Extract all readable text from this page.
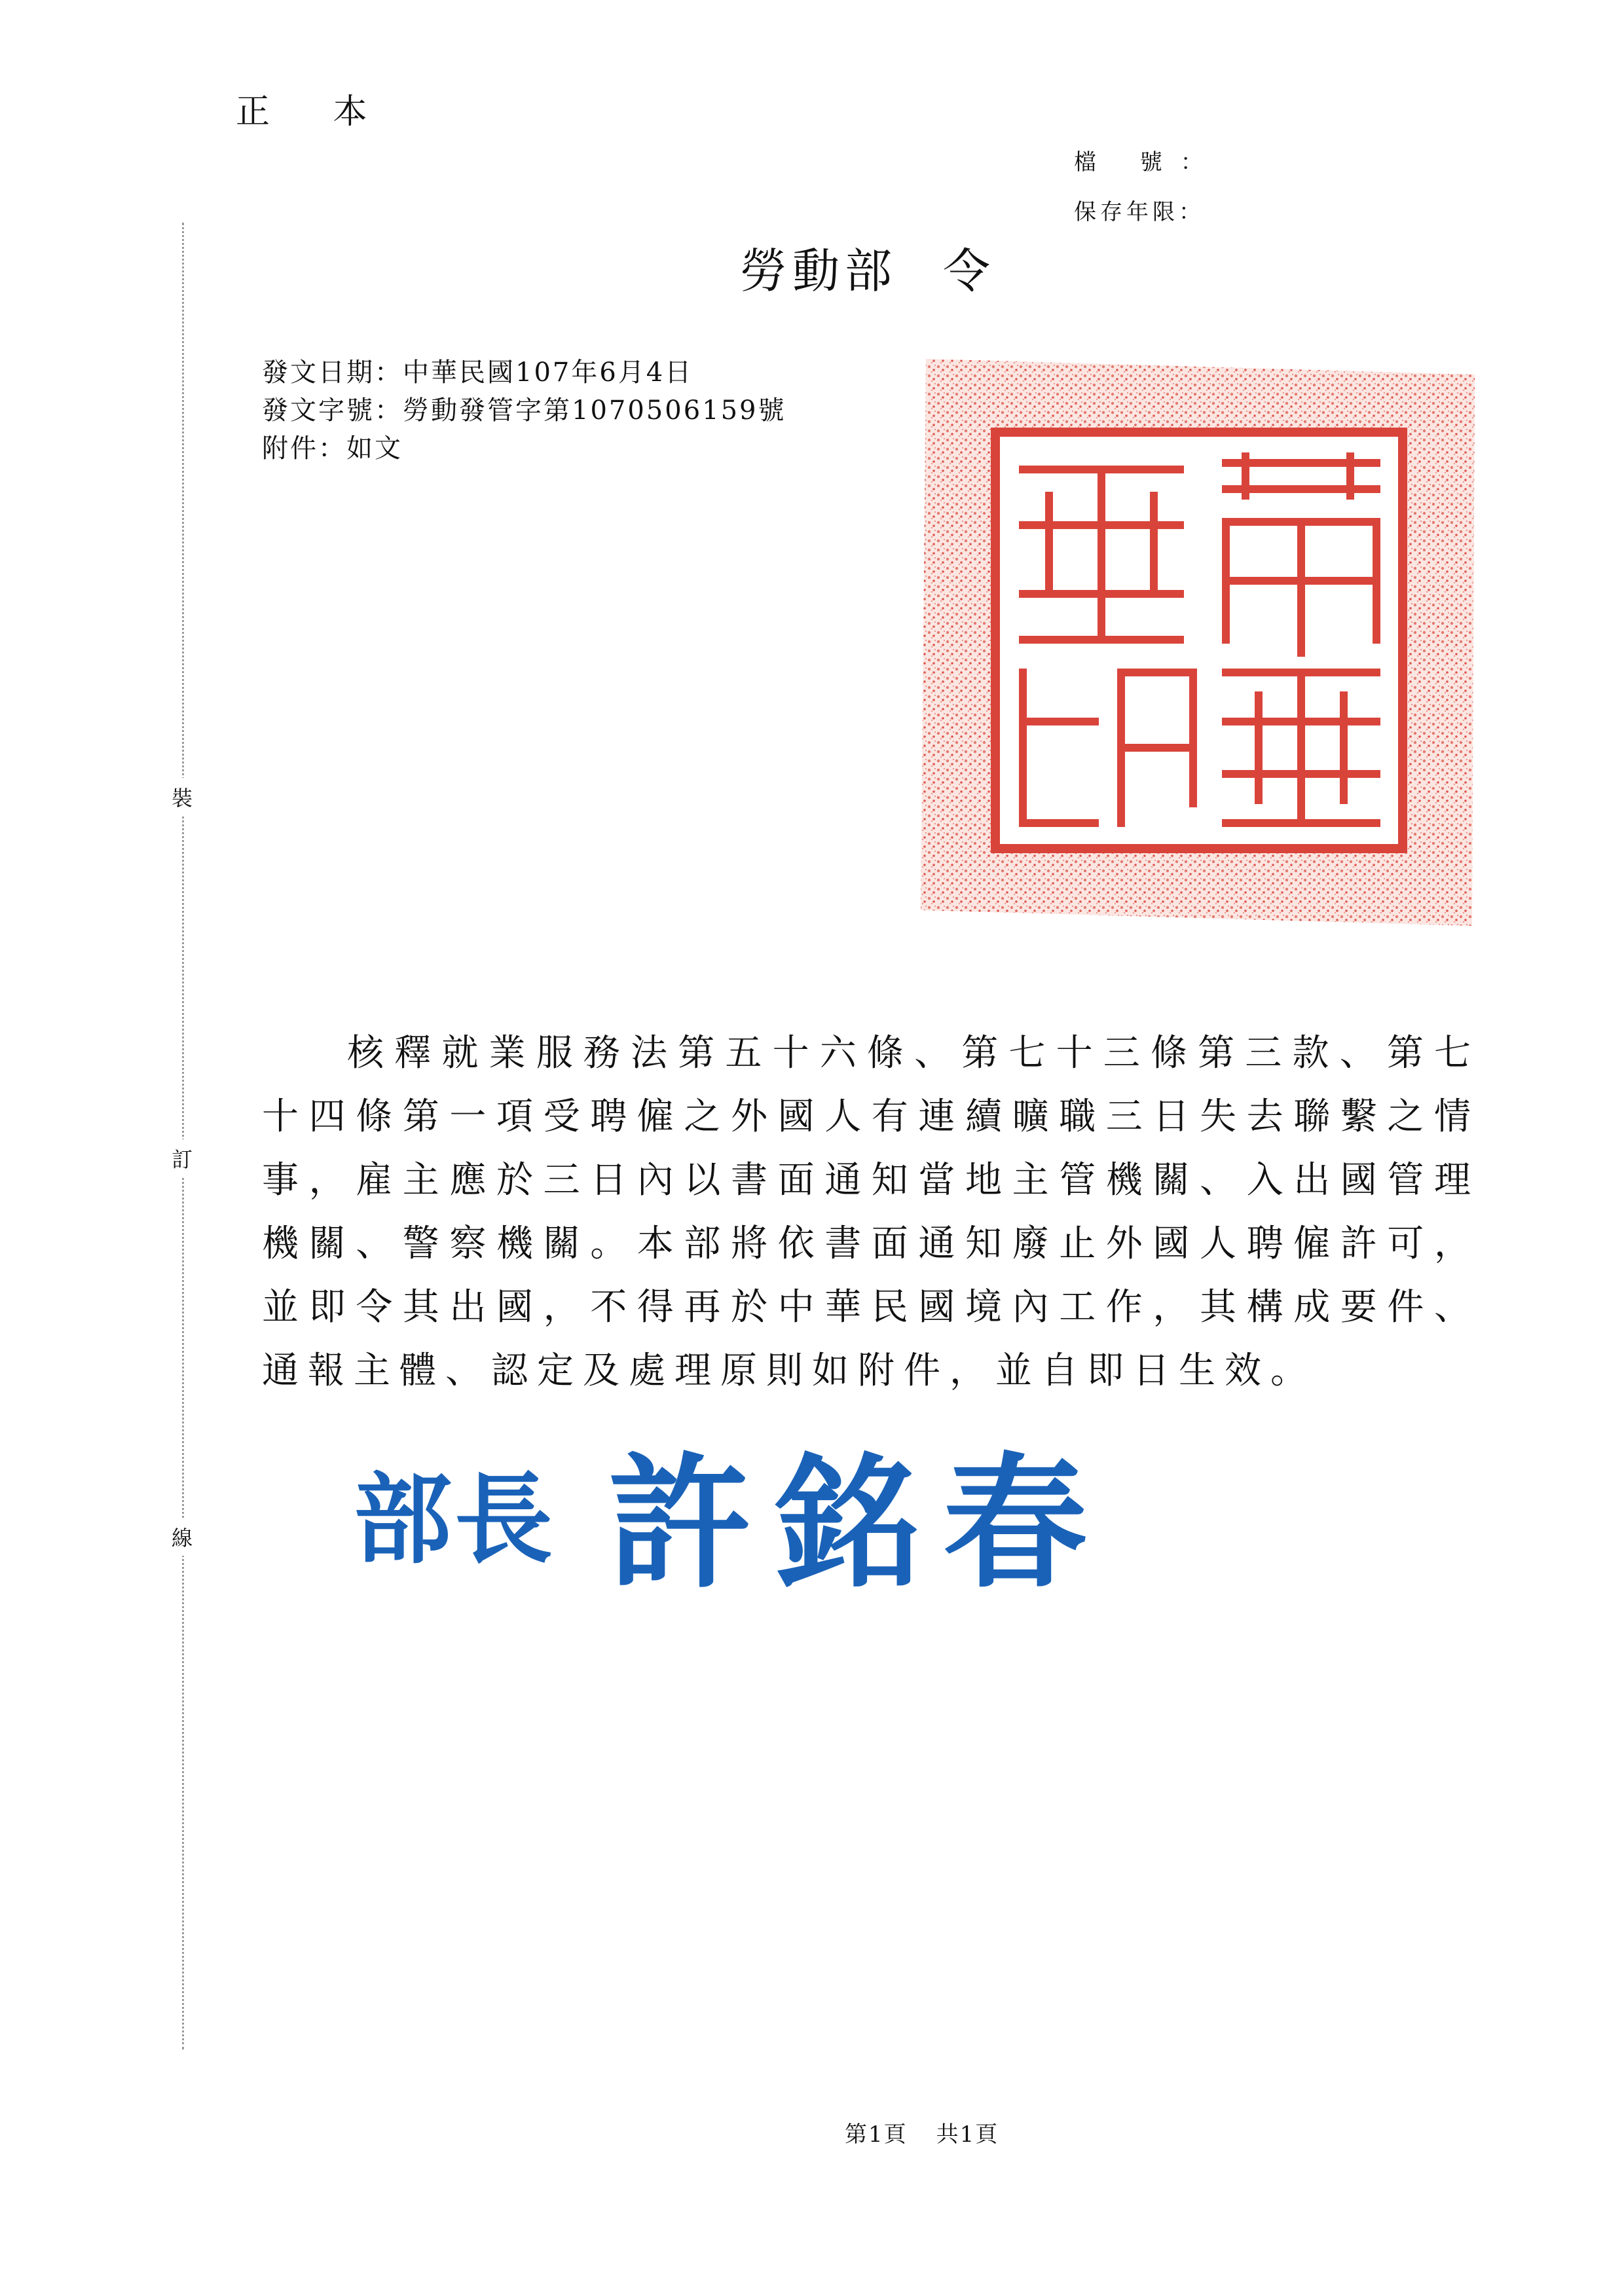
正 本
檔 號：
保存年限：
勞動部 令
裝
訂
線
發文日期：中華民國107年6月4日
發文字號：勞動發管字第1070506159號
附件：如文
核釋就業服務法第五十六條、第七十三條第三款、第七十四條第一項受聘僱之外國人有連續曠職三日失去聯繫之情事，雇主應於三日內以書面通知當地主管機關、入出國管理機關、警察機關。本部將依書面通知廢止外國人聘僱許可，並即令其出國，不得再於中華民國境內工作，其構成要件、通報主體、認定及處理原則如附件，並自即日生效。
部長 許銘春
第1頁 共1頁
